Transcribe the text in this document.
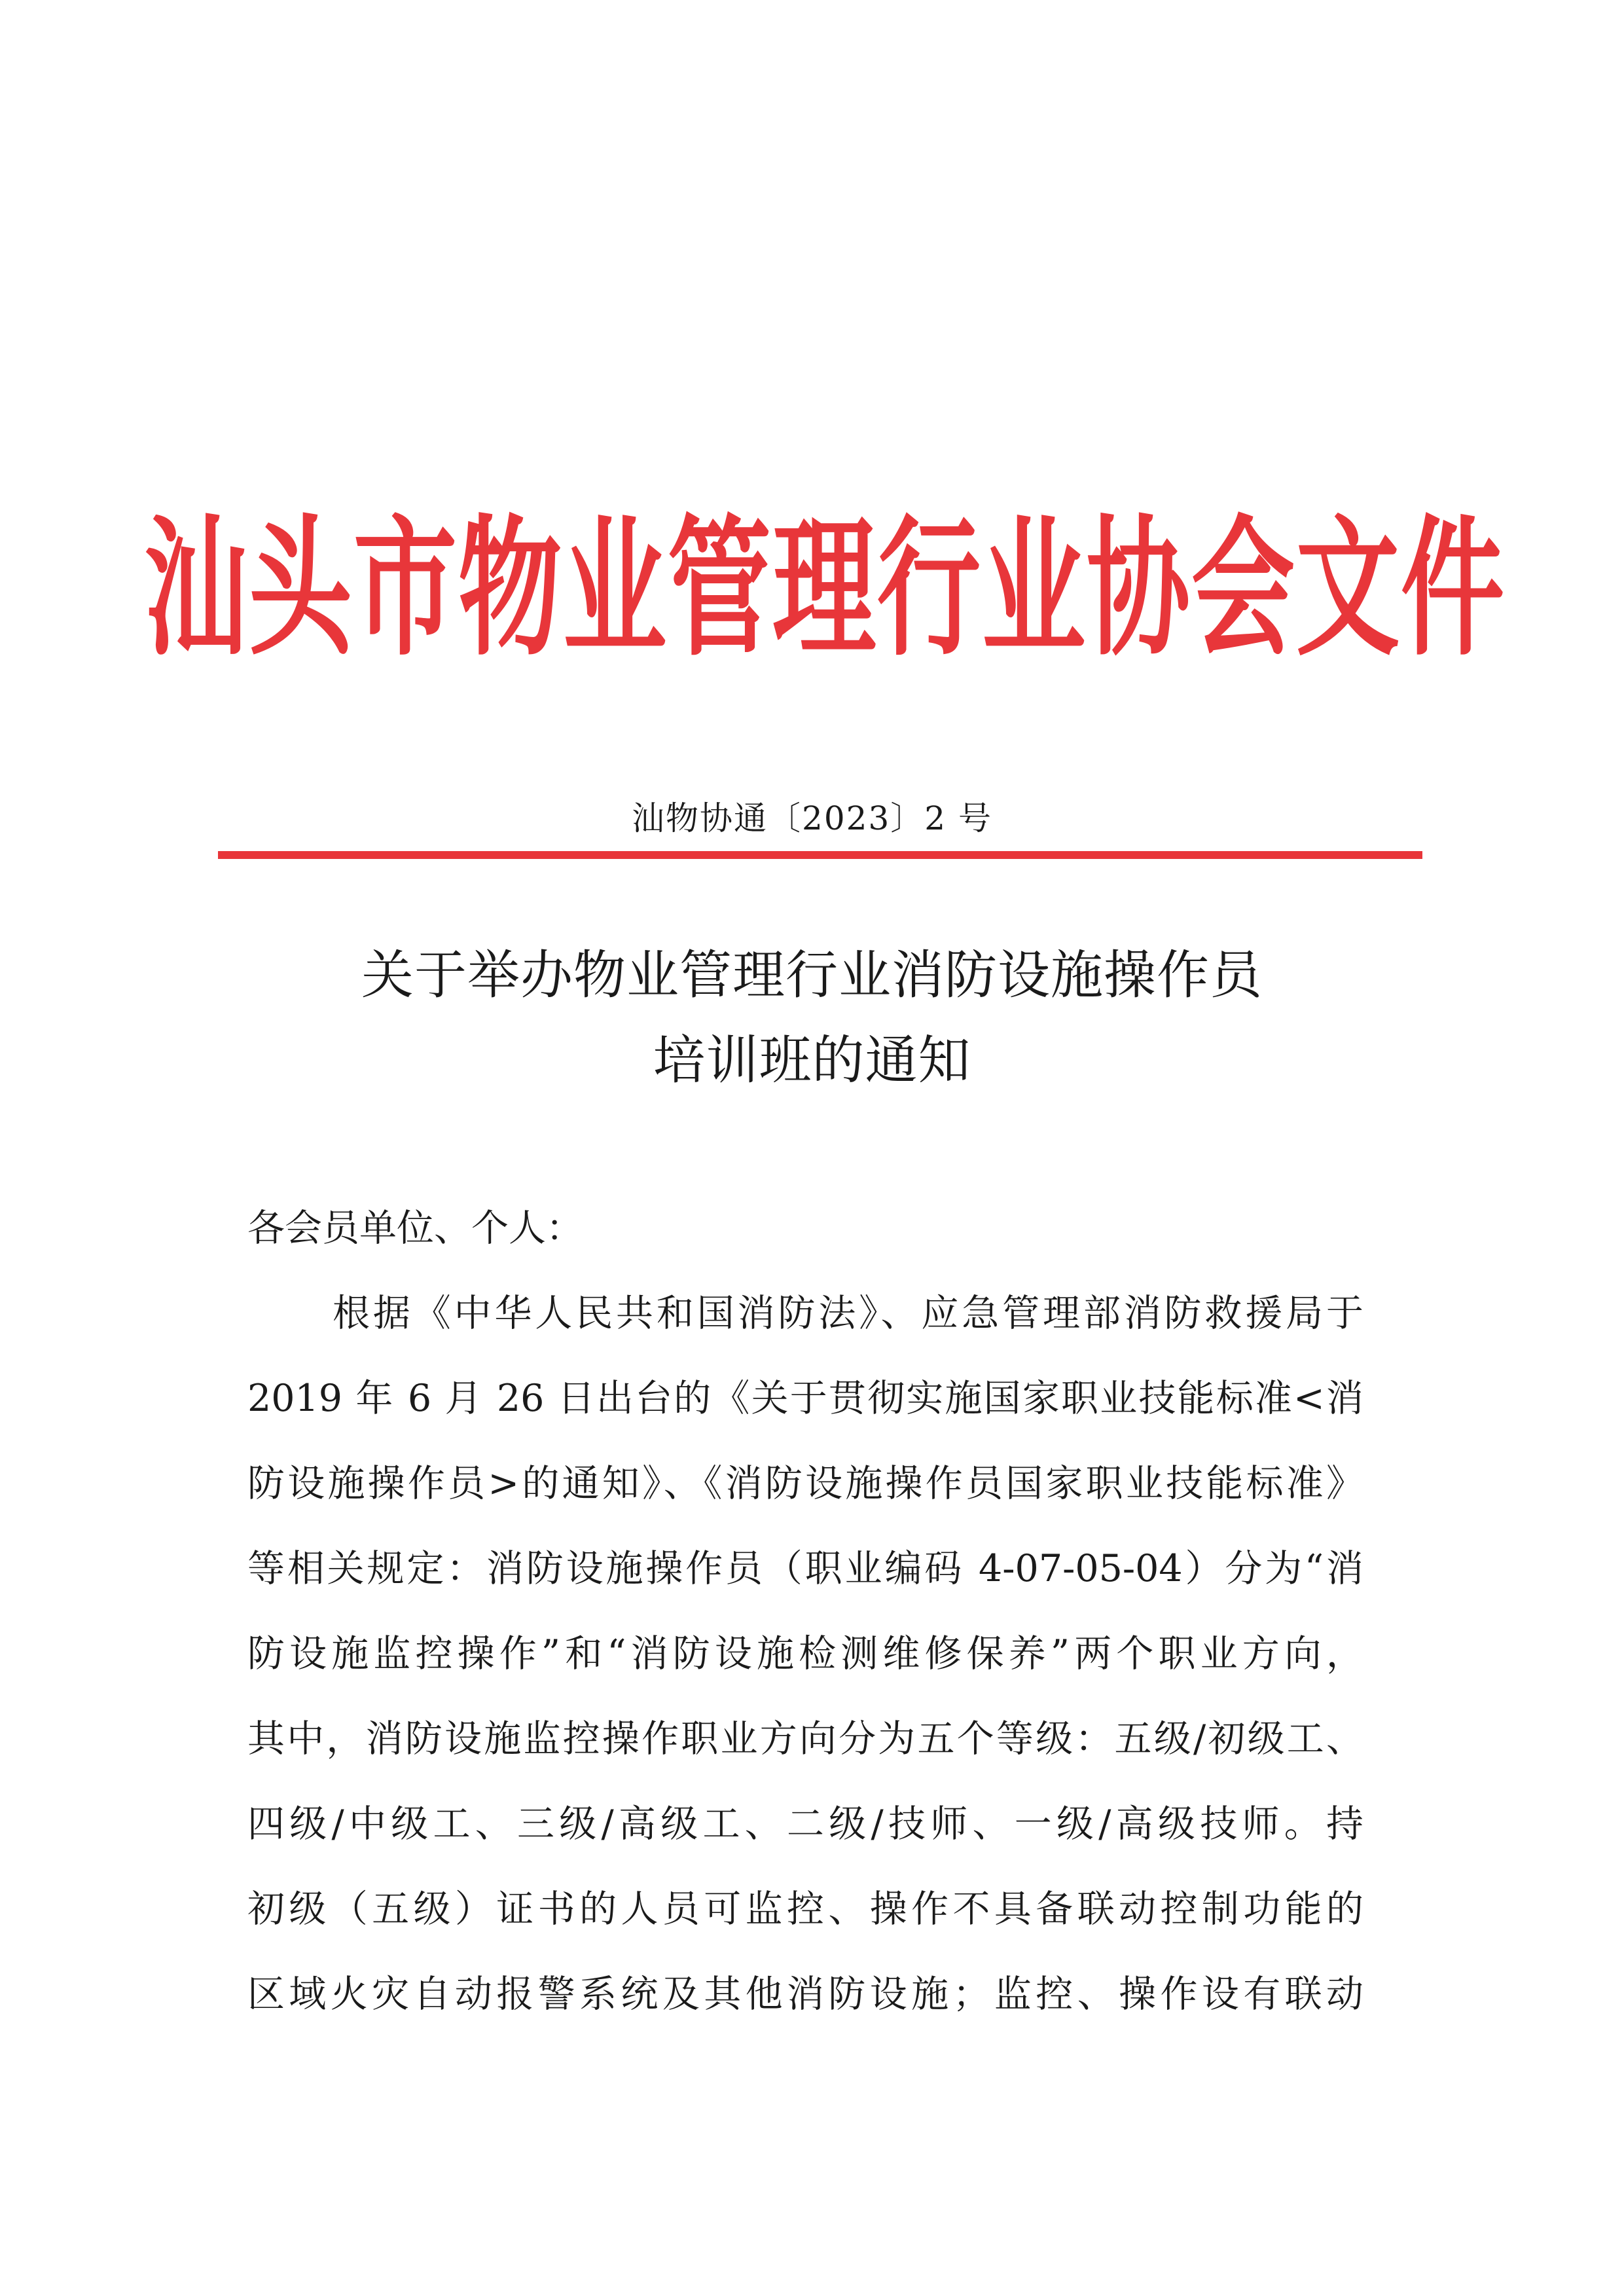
汕头市物业管理行业协会文件
汕物协通〔2023〕2 号
关于举办物业管理行业消防设施操作员
培训班的通知
各会员单位、个人：
根据《中华人民共和国消防法》、应急管理部消防救援局于
2019 年 6 月 26 日出台的《关于贯彻实施国家职业技能标准<消
防设施操作员>的通知》、《消防设施操作员国家职业技能标准》
等相关规定：消防设施操作员（职业编码 4-07-05-04）分为“消
防设施监控操作”和“消防设施检测维修保养”两个职业方向，
其中，消防设施监控操作职业方向分为五个等级：五级/初级工、
四级/中级工、三级/高级工、二级/技师、一级/高级技师。持
初级（五级）证书的人员可监控、操作不具备联动控制功能的
区域火灾自动报警系统及其他消防设施；监控、操作设有联动
